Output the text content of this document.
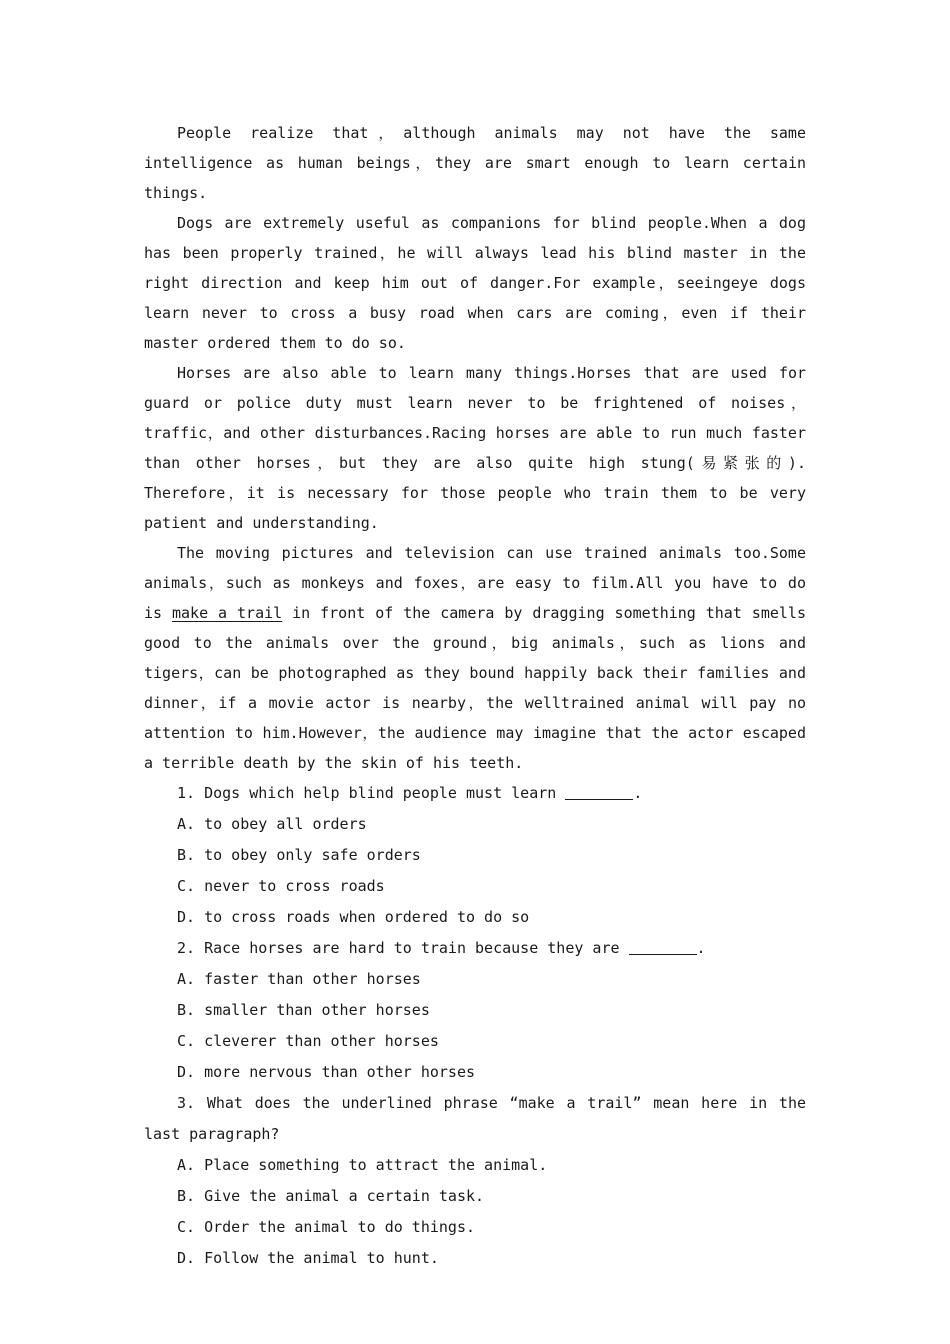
People realize that，although animals may not have the same intelligence as human beings，they are smart enough to learn certain things.

Dogs are extremely useful as companions for blind people.When a dog has been properly trained，he will always lead his blind master in the right direction and keep him out of danger.For example，seeingeye dogs learn never to cross a busy road when cars are coming，even if their master ordered them to do so.

Horses are also able to learn many things.Horses that are used for guard or police duty must learn never to be frightened of noises，traffic，and other disturbances.Racing horses are able to run much faster than other horses，but they are also quite high stung(易紧张的). Therefore，it is necessary for those people who train them to be very patient and understanding.

The moving pictures and television can use trained animals too.Some animals，such as monkeys and foxes，are easy to film.All you have to do is make a trail in front of the camera by dragging something that smells good to the animals over the ground，big animals，such as lions and tigers，can be photographed as they bound happily back their families and dinner，if a movie actor is nearby，the welltrained animal will pay no attention to him.However，the audience may imagine that the actor escaped a terrible death by the skin of his teeth.

1. Dogs which help blind people must learn	.

A. to obey all orders

B. to obey only safe orders

C. never to cross roads

D. to cross roads when ordered to do so

2. Race horses are hard to train because they are	.

A. faster than other horses

B. smaller than other horses

C. cleverer than other horses

D. more nervous than other horses

3. What does the underlined phrase “make a trail” mean here in the last paragraph?

A. Place something to attract the animal.

B. Give the animal a certain task.

C. Order the animal to do things.

D. Follow the animal to hunt.
